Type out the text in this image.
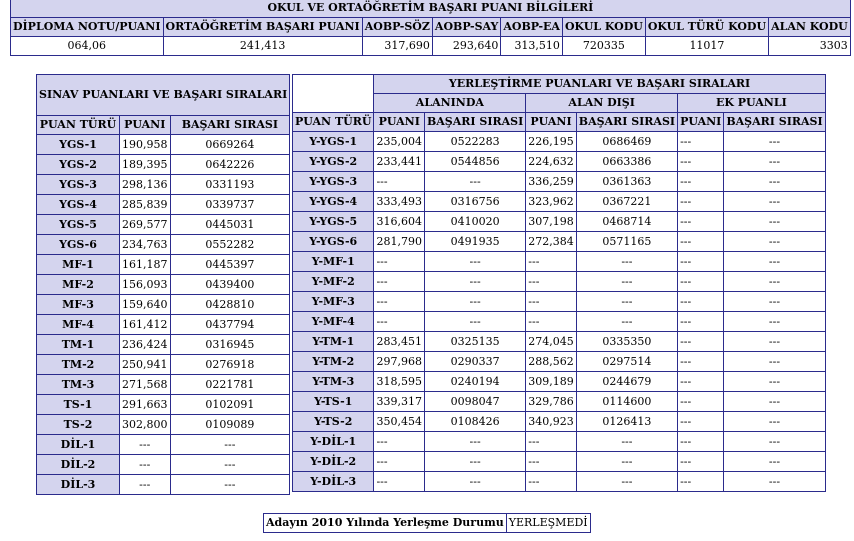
OKUL VE ORTAÖĞRETİM BAŞARI PUANI BİLGİLERİ							
DİPLOMA NOTU/PUANI	ORTAÖĞRETİM BAŞARI PUANI	AOBP-SÖZ	AOBP-SAY	AOBP-EA	OKUL KODU	OKUL TÜRÜ KODU	ALAN KODU
064,06	241,413	317,690	293,640	313,510	720335	11017	3303
SINAV PUANLARI VE BAŞARI SIRALARI		
PUAN TÜRÜ	PUANI	BAŞARI SIRASI
YGS-1	190,958	0669264
YGS-2	189,395	0642226
YGS-3	298,136	0331193
YGS-4	285,839	0339737
YGS-5	269,577	0445031
YGS-6	234,763	0552282
MF-1	161,187	0445397
MF-2	156,093	0439400
MF-3	159,640	0428810
MF-4	161,412	0437794
TM-1	236,424	0316945
TM-2	250,941	0276918
TM-3	271,568	0221781
TS-1	291,663	0102091
TS-2	302,800	0109089
DİL-1	---	---
DİL-2	---	---
DİL-3	---	---
	YERLEŞTİRME PUANLARI VE BAŞARI SIRALARI					
	ALANINDA		ALAN DIŞI		EK PUANLI	
PUAN TÜRÜ	PUANI	BAŞARI SIRASI	PUANI	BAŞARI SIRASI	PUANI	BAŞARI SIRASI
Y-YGS-1	235,004	0522283	226,195	0686469	---	---
Y-YGS-2	233,441	0544856	224,632	0663386	---	---
Y-YGS-3	---	---	336,259	0361363	---	---
Y-YGS-4	333,493	0316756	323,962	0367221	---	---
Y-YGS-5	316,604	0410020	307,198	0468714	---	---
Y-YGS-6	281,790	0491935	272,384	0571165	---	---
Y-MF-1	---	---	---	---	---	---
Y-MF-2	---	---	---	---	---	---
Y-MF-3	---	---	---	---	---	---
Y-MF-4	---	---	---	---	---	---
Y-TM-1	283,451	0325135	274,045	0335350	---	---
Y-TM-2	297,968	0290337	288,562	0297514	---	---
Y-TM-3	318,595	0240194	309,189	0244679	---	---
Y-TS-1	339,317	0098047	329,786	0114600	---	---
Y-TS-2	350,454	0108426	340,923	0126413	---	---
Y-DİL-1	---	---	---	---	---	---
Y-DİL-2	---	---	---	---	---	---
Y-DİL-3	---	---	---	---	---	---
Adayın 2010 Yılında Yerleşme Durumu	YERLEŞMEDİ
